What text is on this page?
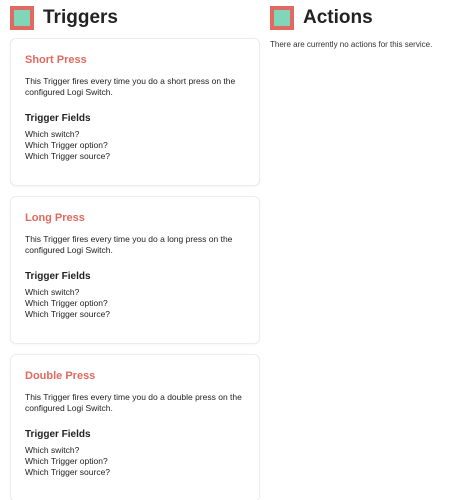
Triggers
Short Press
This Trigger fires every time you do a short press on the configured Logi Switch.
Trigger Fields
Which switch?
Which Trigger option?
Which Trigger source?
Long Press
This Trigger fires every time you do a long press on the configured Logi Switch.
Trigger Fields
Which switch?
Which Trigger option?
Which Trigger source?
Double Press
This Trigger fires every time you do a double press on the configured Logi Switch.
Trigger Fields
Which switch?
Which Trigger option?
Which Trigger source?
Actions
There are currently no actions for this service.
